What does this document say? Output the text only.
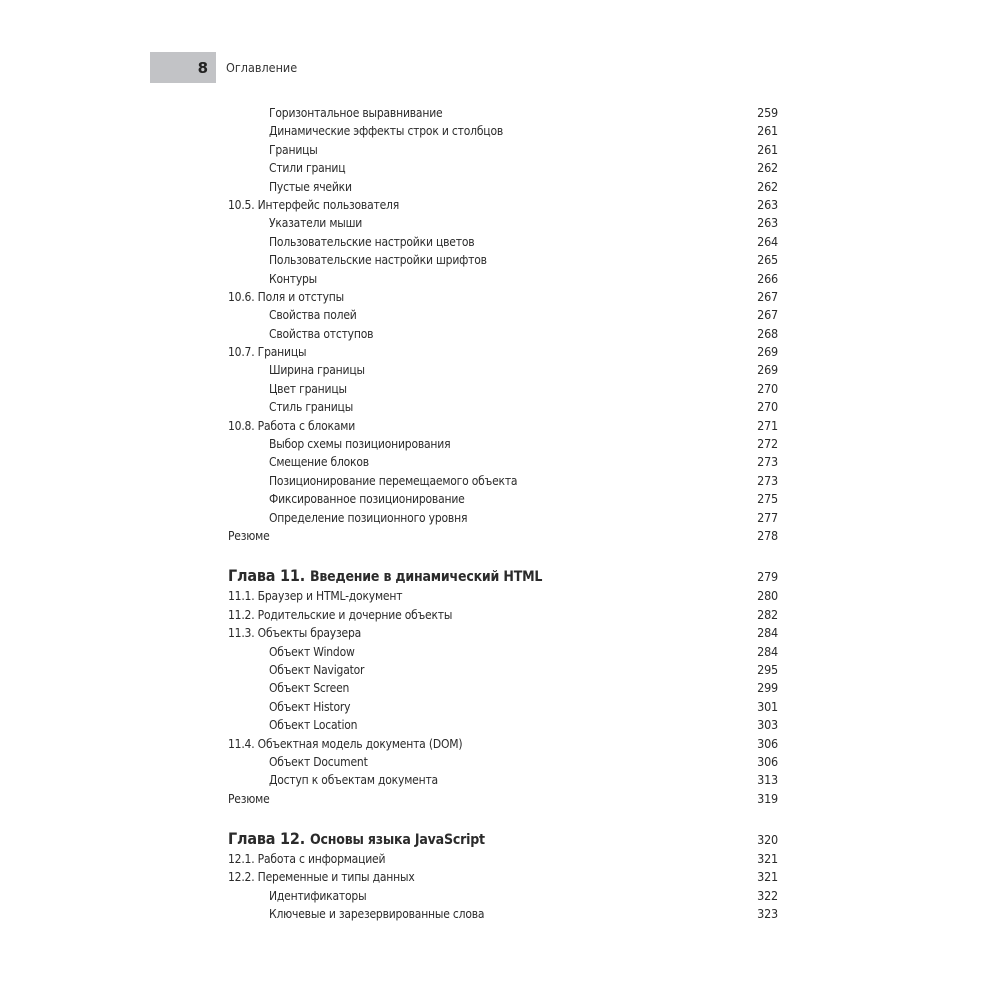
8 Оглавление
Горизонтальное выравнивание	259
Динамические эффекты строк и столбцов	261
Границы	261
Стили границ	262
Пустые ячейки	262
10.5. Интерфейс пользователя	263
Указатели мыши	263
Пользовательские настройки цветов	264
Пользовательские настройки шрифтов	265
Контуры	266
10.6. Поля и отступы	267
Свойства полей	267
Свойства отступов	268
10.7. Границы	269
Ширина границы	269
Цвет границы	270
Стиль границы	270
10.8. Работа с блоками	271
Выбор схемы позиционирования	272
Смещение блоков	273
Позиционирование перемещаемого объекта	273
Фиксированное позиционирование	275
Определение позиционного уровня	277
Резюме	278
Глава 11. Введение в динамический HTML	279
11.1. Браузер и HTML-документ	280
11.2. Родительские и дочерние объекты	282
11.3. Объекты браузера	284
Объект Window	284
Объект Navigator	295
Объект Screen	299
Объект History	301
Объект Location	303
11.4. Объектная модель документа (DOM)	306
Объект Document	306
Доступ к объектам документа	313
Резюме	319
Глава 12. Основы языка JavaScript	320
12.1. Работа с информацией	321
12.2. Переменные и типы данных	321
Идентификаторы	322
Ключевые и зарезервированные слова	323
